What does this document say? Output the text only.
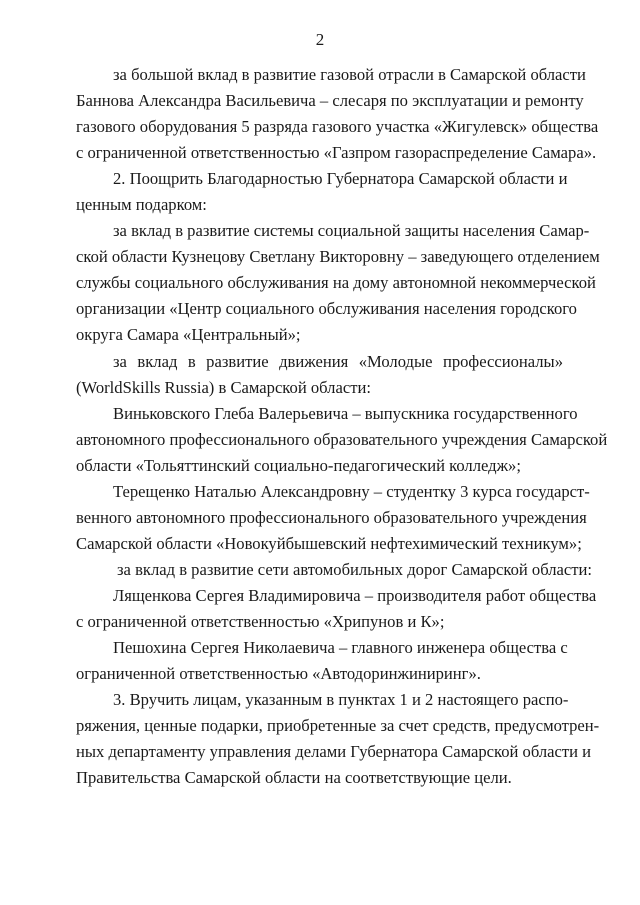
2
за большой вклад в развитие газовой отрасли в Самарской области
Баннова Александра Васильевича – слесаря по эксплуатации и ремонту
газового оборудования 5 разряда газового участка «Жигулевск» общества
с ограниченной ответственностью «Газпром газораспределение Самара».
2. Поощрить Благодарностью Губернатора Самарской области и
ценным подарком:
за вклад в развитие системы социальной защиты населения Самар-
ской области Кузнецову Светлану Викторовну – заведующего отделением
службы социального обслуживания на дому автономной некоммерческой
организации «Центр социального обслуживания населения городского
округа Самара «Центральный»;
за вклад в развитие движения «Молодые профессионалы»
(WorldSkills Russia) в Самарской области:
Виньковского Глеба Валерьевича – выпускника государственного
автономного профессионального образовательного учреждения Самарской
области «Тольяттинский социально-педагогический колледж»;
Терещенко Наталью Александровну – студентку 3 курса государст-
венного автономного профессионального образовательного учреждения
Самарской области «Новокуйбышевский нефтехимический техникум»;
за вклад в развитие сети автомобильных дорог Самарской области:
Лященкова Сергея Владимировича – производителя работ общества
с ограниченной ответственностью «Хрипунов и К»;
Пешохина Сергея Николаевича – главного инженера общества с
ограниченной ответственностью «Автодоринжиниринг».
3. Вручить лицам, указанным в пунктах 1 и 2 настоящего распо-
ряжения, ценные подарки, приобретенные за счет средств, предусмотрен-
ных департаменту управления делами Губернатора Самарской области и
Правительства Самарской области на соответствующие цели.
